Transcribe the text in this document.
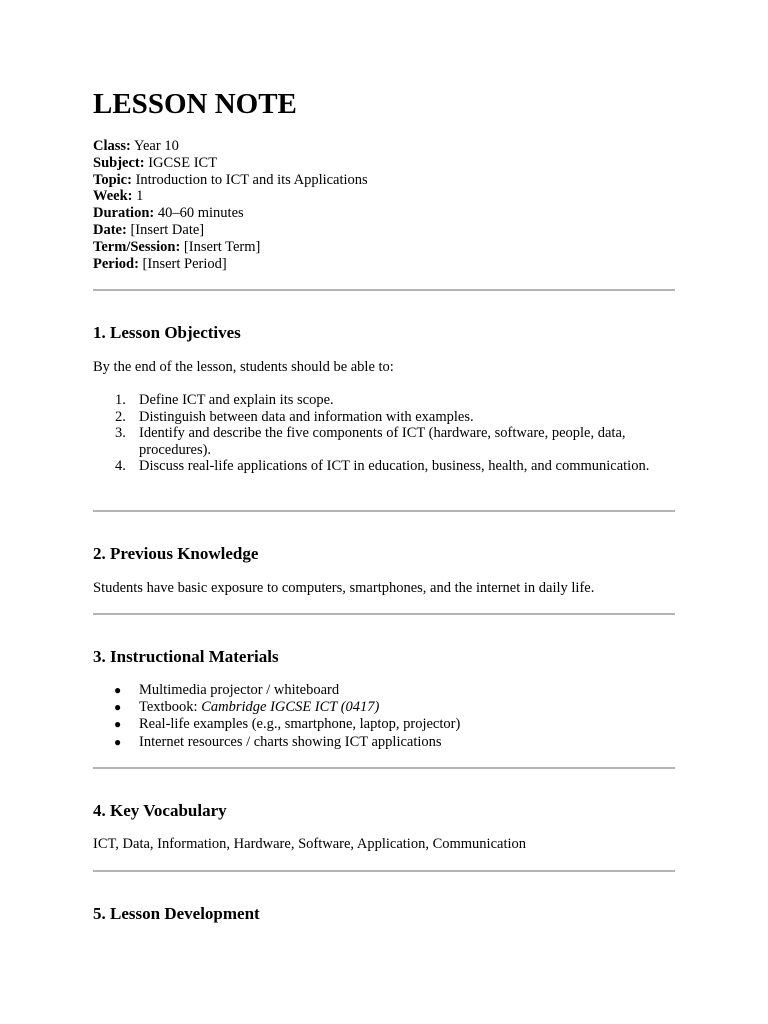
LESSON NOTE
Class: Year 10
Subject: IGCSE ICT
Topic: Introduction to ICT and its Applications
Week: 1
Duration: 40–60 minutes
Date: [Insert Date]
Term/Session: [Insert Term]
Period: [Insert Period]
1. Lesson Objectives

By the end of the lesson, students should be able to:

1. Define ICT and explain its scope.
2. Distinguish between data and information with examples.
3. Identify and describe the five components of ICT (hardware, software, people, data, procedures).
4. Discuss real-life applications of ICT in education, business, health, and communication.
2. Previous Knowledge

Students have basic exposure to computers, smartphones, and the internet in daily life.

3. Instructional Materials
● Multimedia projector / whiteboard
● Textbook: Cambridge IGCSE ICT (0417)
● Real-life examples (e.g., smartphone, laptop, projector)
● Internet resources / charts showing ICT applications
4. Key Vocabulary

ICT, Data, Information, Hardware, Software, Application, Communication

5. Lesson Development
